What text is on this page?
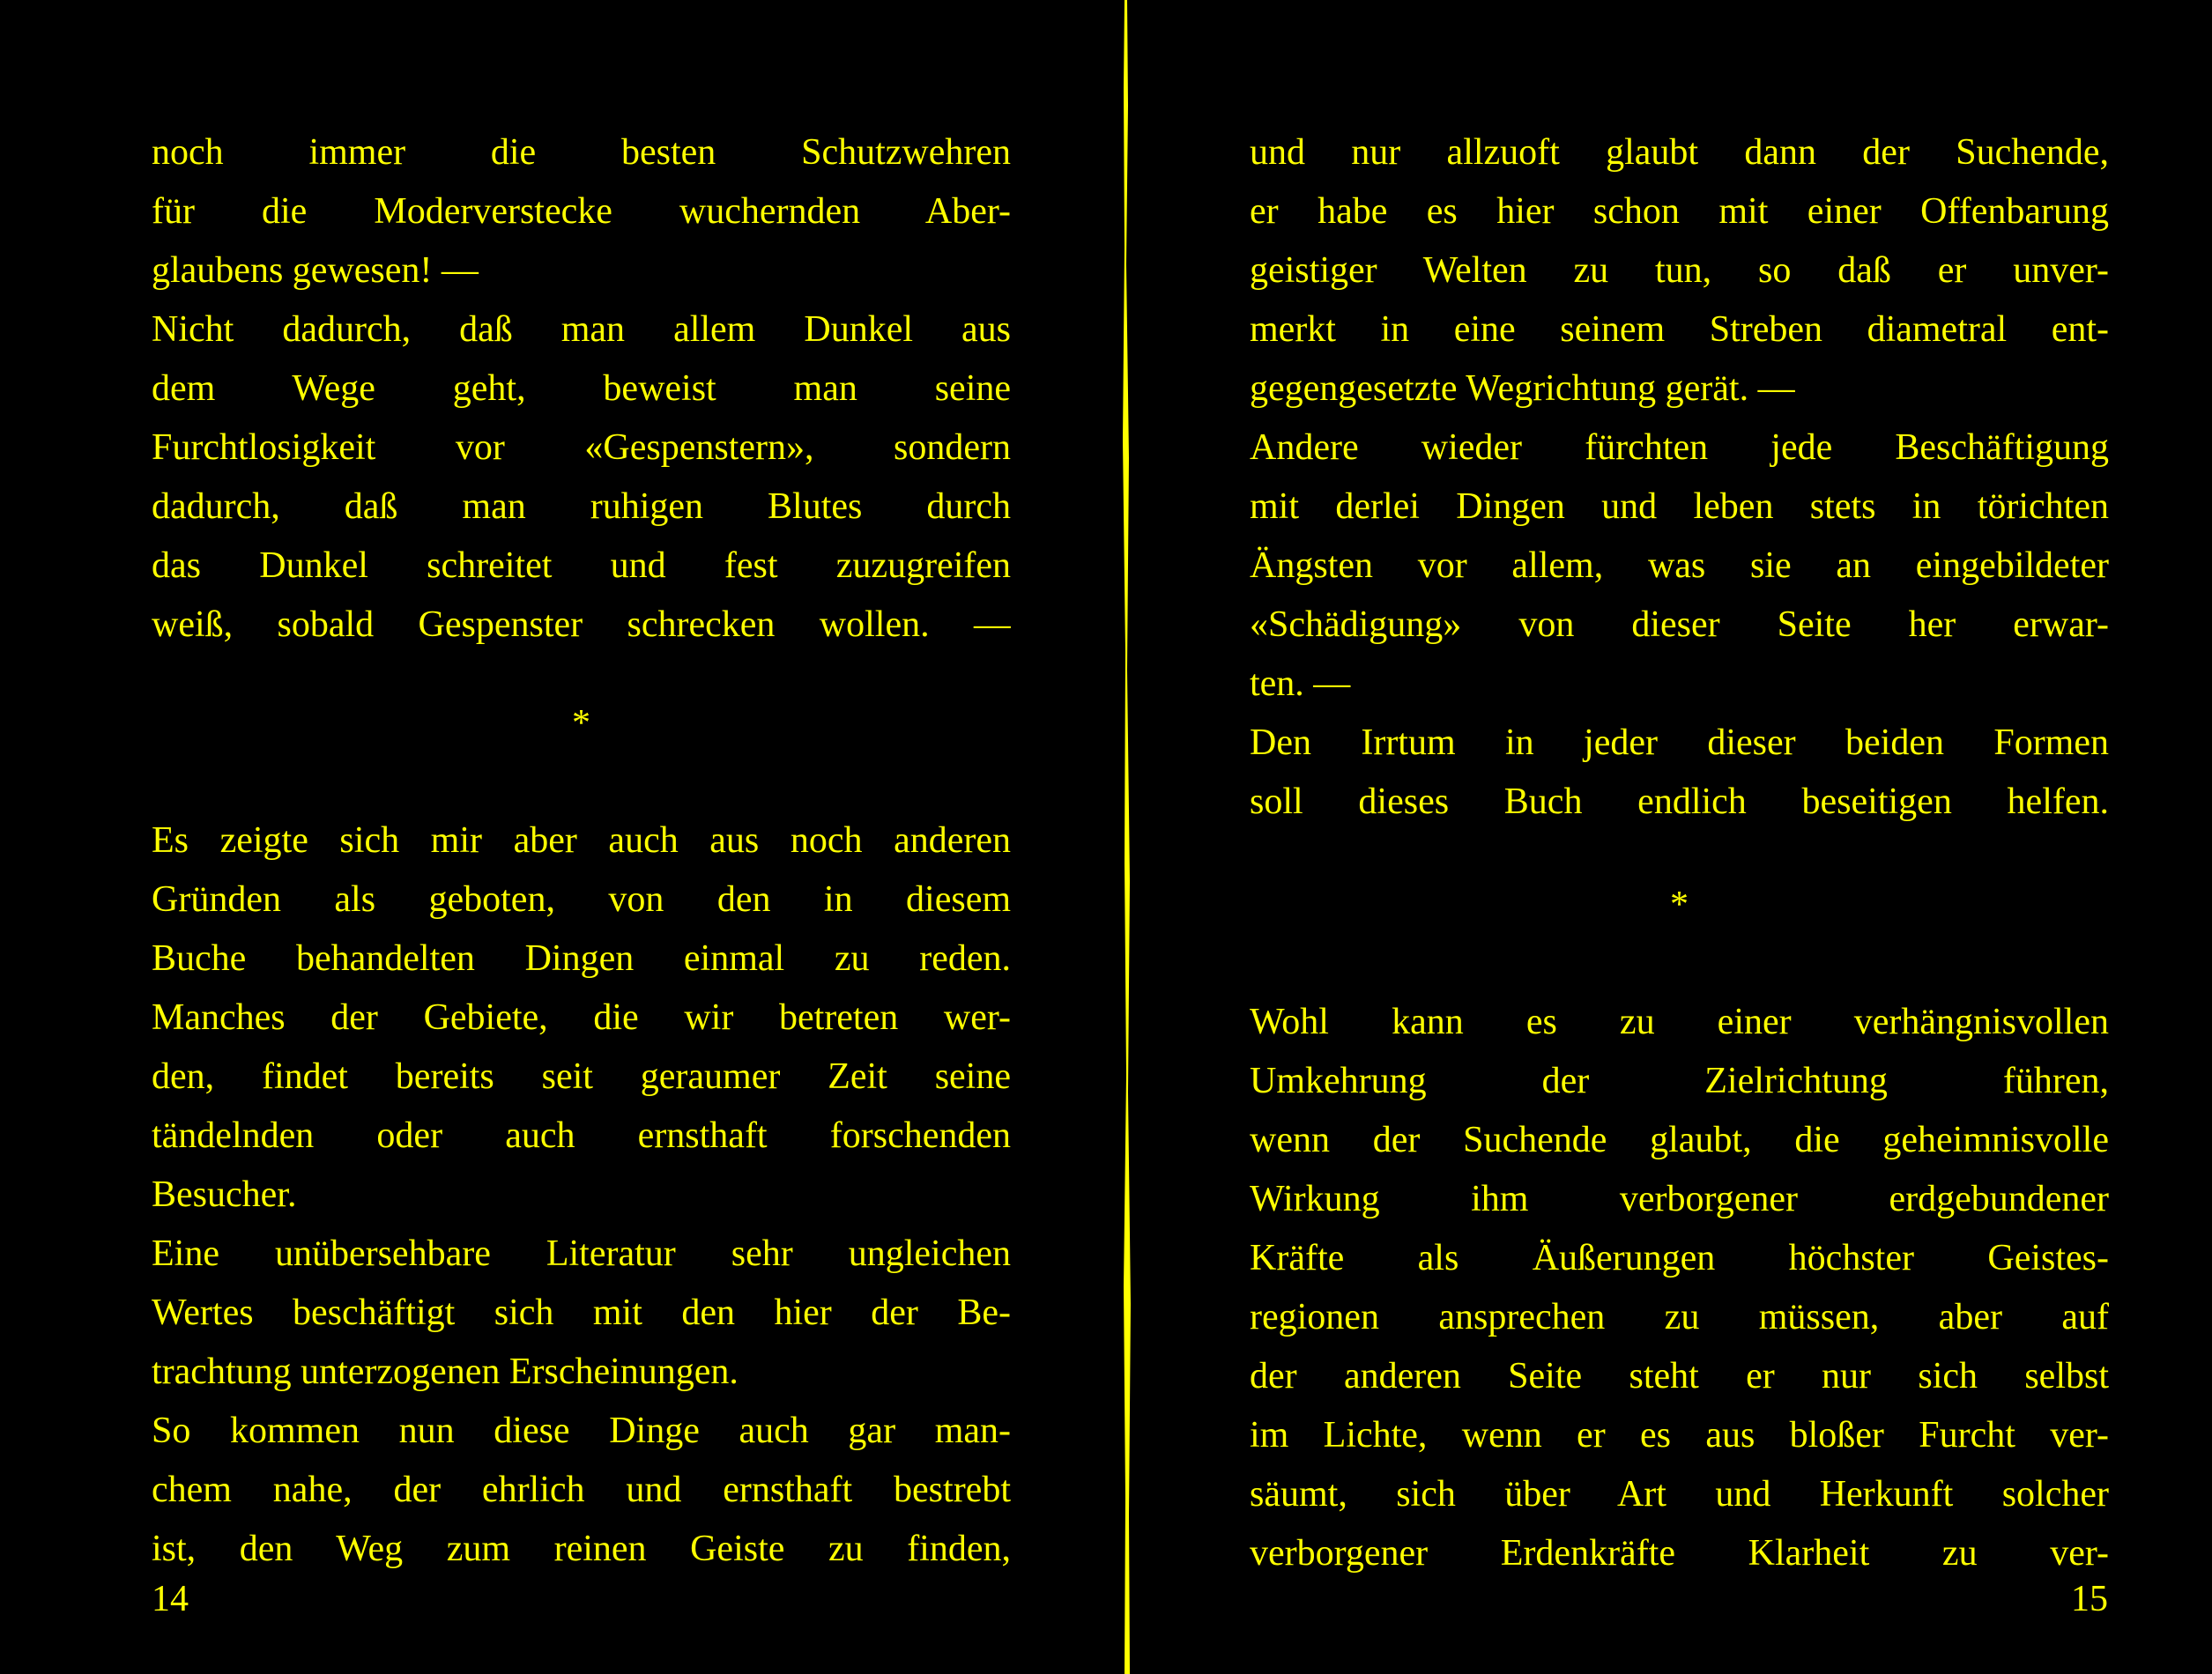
noch immer die besten Schutzwehren
für die Moderverstecke wuchernden Aber-
glaubens gewesen! —
Nicht dadurch, daß man allem Dunkel aus
dem Wege geht, beweist man seine
Furchtlosigkeit vor «Gespenstern», sondern
dadurch, daß man ruhigen Blutes durch
das Dunkel schreitet und fest zuzugreifen
weiß, sobald Gespenster schrecken wollen. —
*
Es zeigte sich mir aber auch aus noch anderen
Gründen als geboten, von den in diesem
Buche behandelten Dingen einmal zu reden.
Manches der Gebiete, die wir betreten wer-
den, findet bereits seit geraumer Zeit seine
tändelnden oder auch ernsthaft forschenden
Besucher.
Eine unübersehbare Literatur sehr ungleichen
Wertes beschäftigt sich mit den hier der Be-
trachtung unterzogenen Erscheinungen.
So kommen nun diese Dinge auch gar man-
chem nahe, der ehrlich und ernsthaft bestrebt
ist, den Weg zum reinen Geiste zu finden,
und nur allzuoft glaubt dann der Suchende,
er habe es hier schon mit einer Offenbarung
geistiger Welten zu tun, so daß er unver-
merkt in eine seinem Streben diametral ent-
gegengesetzte Wegrichtung gerät. —
Andere wieder fürchten jede Beschäftigung
mit derlei Dingen und leben stets in törichten
Ängsten vor allem, was sie an eingebildeter
«Schädigung» von dieser Seite her erwar-
ten. —
Den Irrtum in jeder dieser beiden Formen
soll dieses Buch endlich beseitigen helfen.
*
Wohl kann es zu einer verhängnisvollen
Umkehrung der Zielrichtung führen,
wenn der Suchende glaubt, die geheimnisvolle
Wirkung ihm verborgener erdgebundener
Kräfte als Äußerungen höchster Geistes-
regionen ansprechen zu müssen, aber auf
der anderen Seite steht er nur sich selbst
im Lichte, wenn er es aus bloßer Furcht ver-
säumt, sich über Art und Herkunft solcher
verborgener Erdenkräfte Klarheit zu ver-
14	15
